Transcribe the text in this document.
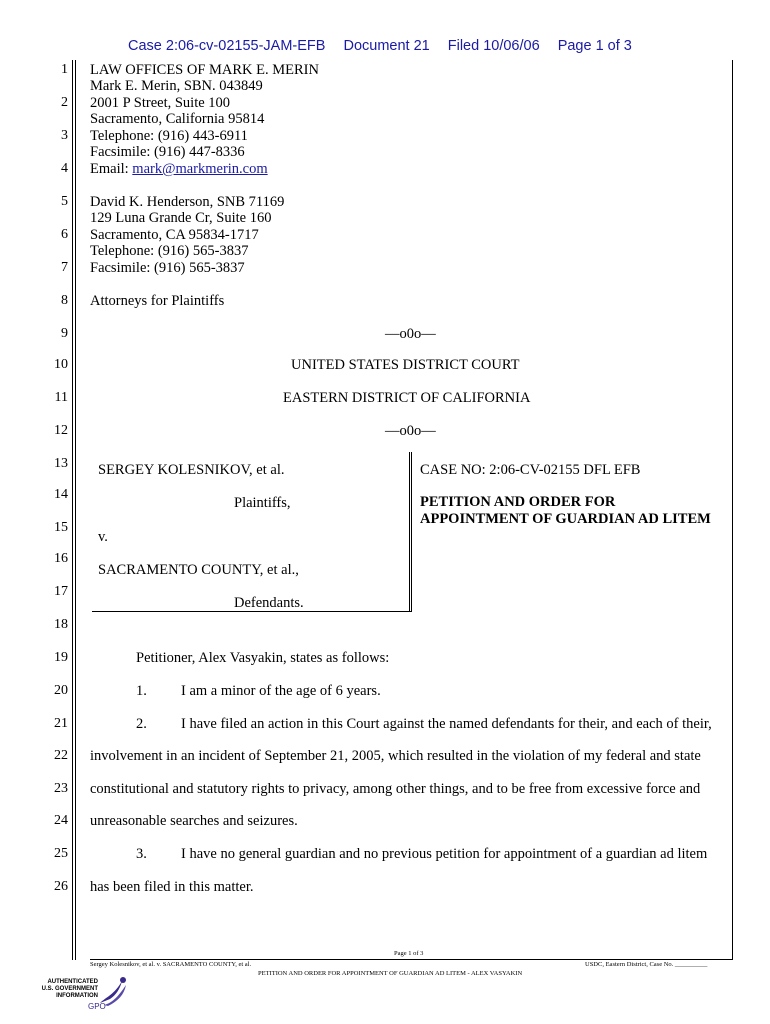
Case 2:06-cv-02155-JAM-EFB Document 21 Filed 10/06/06 Page 1 of 3
1
2
3
4
5
6
7
8
9
10
11
12
13
14
15
16
17
18
19
20
21
22
23
24
25
26
LAW OFFICES OF MARK E. MERIN
Mark E. Merin, SBN. 043849
2001 P Street, Suite 100
Sacramento, California 95814
Telephone: (916) 443-6911
Facsimile: (916) 447-8336
Email: mark@markmerin.com
David K. Henderson, SNB 71169
129 Luna Grande Cr, Suite 160
Sacramento, CA 95834-1717
Telephone: (916) 565-3837
Facsimile: (916) 565-3837
Attorneys for Plaintiffs
—o0o—
UNITED STATES DISTRICT COURT
EASTERN DISTRICT OF CALIFORNIA
—o0o—
SERGEY KOLESNIKOV, et al.
Plaintiffs,
v.
SACRAMENTO COUNTY, et al.,
Defendants.
CASE NO: 2:06-CV-02155 DFL EFB
PETITION AND ORDER FOR
APPOINTMENT OF GUARDIAN AD LITEM
Petitioner, Alex Vasyakin, states as follows:
1. I am a minor of the age of 6 years.
2. I have filed an action in this Court against the named defendants for their, and each of their,
involvement in an incident of September 21, 2005, which resulted in the violation of my federal and state
constitutional and statutory rights to privacy, among other things, and to be free from excessive force and
unreasonable searches and seizures.
3. I have no general guardian and no previous petition for appointment of a guardian ad litem
has been filed in this matter.
Page 1 of 3
Sergey Kolesnikov, et al. v. SACRAMENTO COUNTY, et al.	USDC, Eastern District, Case No. __________
PETITION AND ORDER FOR APPOINTMENT OF GUARDIAN AD LITEM - ALEX VASYAKIN
AUTHENTICATED
U.S. GOVERNMENT
INFORMATION
GPO
